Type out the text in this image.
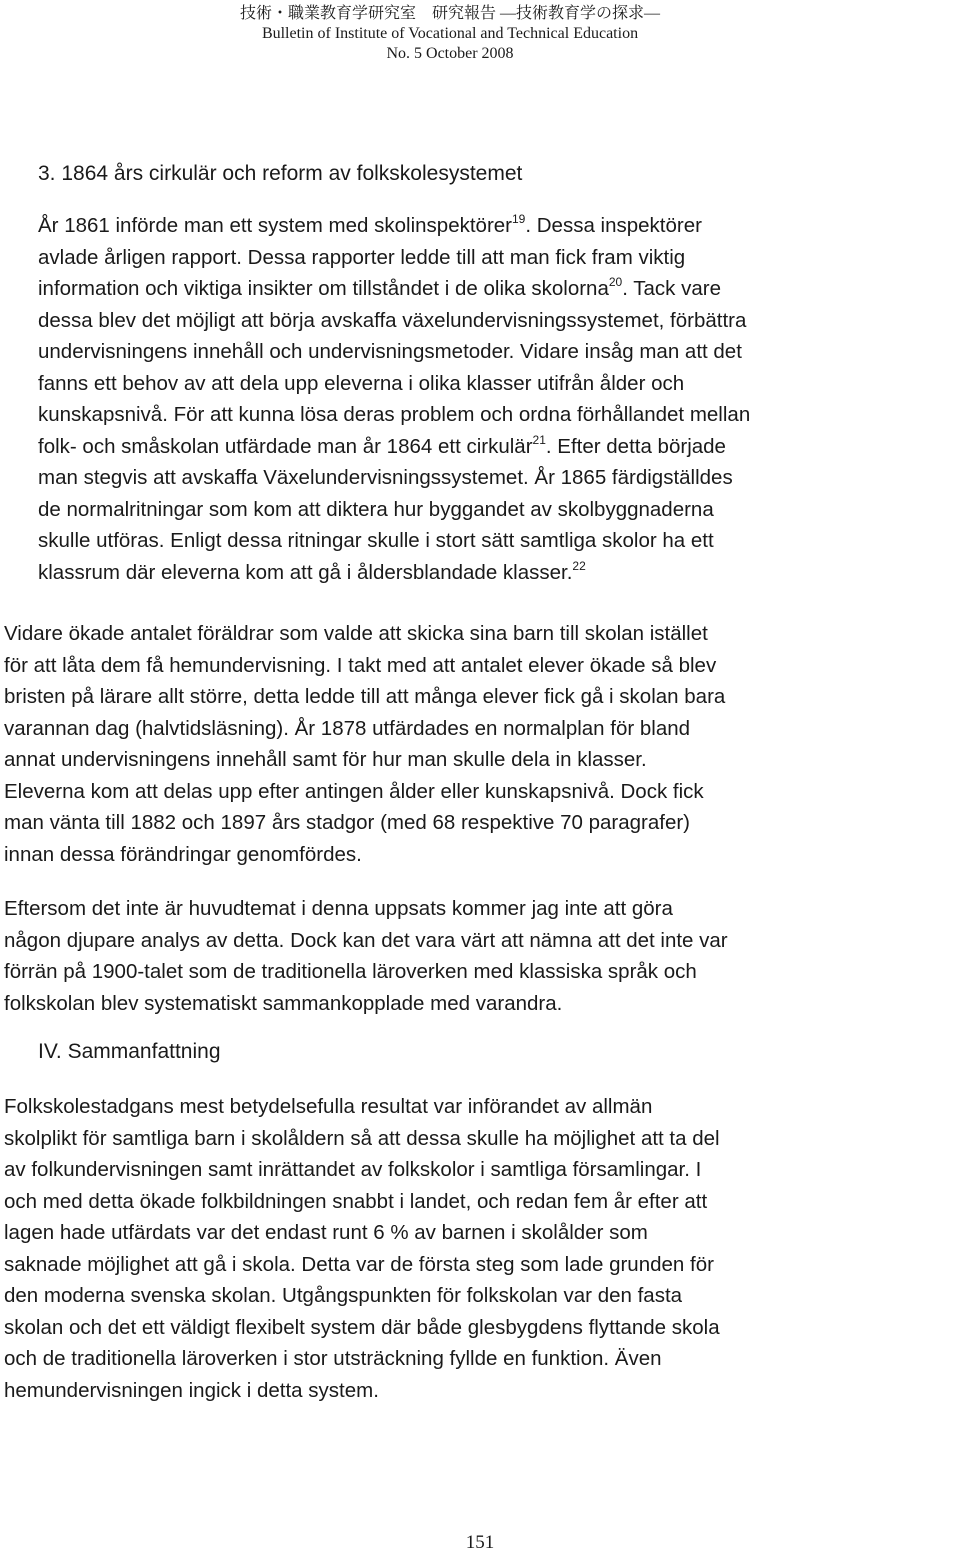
技術・職業教育学研究室　研究報告 —技術教育学の探求—
Bulletin of Institute of Vocational and Technical Education
No. 5 October 2008
3. 1864 års cirkulär och reform av folkskolesystemet
År 1861 införde man ett system med skolinspektörer$^{19}$. Dessa inspektörer
avlade årligen rapport. Dessa rapporter ledde till att man fick fram viktig
information och viktiga insikter om tillståndet i de olika skolorna$^{20}$. Tack vare
dessa blev det möjligt att börja avskaffa växelundervisningssystemet, förbättra
undervisningens innehåll och undervisningsmetoder. Vidare insåg man att det
fanns ett behov av att dela upp eleverna i olika klasser utifrån ålder och
kunskapsnivå. För att kunna lösa deras problem och ordna förhållandet mellan
folk- och småskolan utfärdade man år 1864 ett cirkulär$^{21}$. Efter detta började
man stegvis att avskaffa Växelundervisningssystemet. År 1865 färdigställdes
de normalritningar som kom att diktera hur byggandet av skolbyggnaderna
skulle utföras. Enligt dessa ritningar skulle i stort sätt samtliga skolor ha ett
klassrum där eleverna kom att gå i åldersblandade klasser.$^{22}$
Vidare ökade antalet föräldrar som valde att skicka sina barn till skolan istället
för att låta dem få hemundervisning. I takt med att antalet elever ökade så blev
bristen på lärare allt större, detta ledde till att många elever fick gå i skolan bara
varannan dag (halvtidsläsning). År 1878 utfärdades en normalplan för bland
annat undervisningens innehåll samt för hur man skulle dela in klasser.
Eleverna kom att delas upp efter antingen ålder eller kunskapsnivå. Dock fick
man vänta till 1882 och 1897 års stadgor (med 68 respektive 70 paragrafer)
innan dessa förändringar genomfördes.
Eftersom det inte är huvudtemat i denna uppsats kommer jag inte att göra
någon djupare analys av detta. Dock kan det vara värt att nämna att det inte var
förrän på 1900-talet som de traditionella läroverken med klassiska språk och
folkskolan blev systematiskt sammankopplade med varandra.
IV. Sammanfattning
Folkskolestadgans mest betydelsefulla resultat var införandet av allmän
skolplikt för samtliga barn i skolåldern så att dessa skulle ha möjlighet att ta del
av folkundervisningen samt inrättandet av folkskolor i samtliga församlingar. I
och med detta ökade folkbildningen snabbt i landet, och redan fem år efter att
lagen hade utfärdats var det endast runt 6 % av barnen i skolålder som
saknade möjlighet att gå i skola. Detta var de första steg som lade grunden för
den moderna svenska skolan. Utgångspunkten för folkskolan var den fasta
skolan och det ett väldigt flexibelt system där både glesbygdens flyttande skola
och de traditionella läroverken i stor utsträckning fyllde en funktion. Även
hemundervisningen ingick i detta system.
151
